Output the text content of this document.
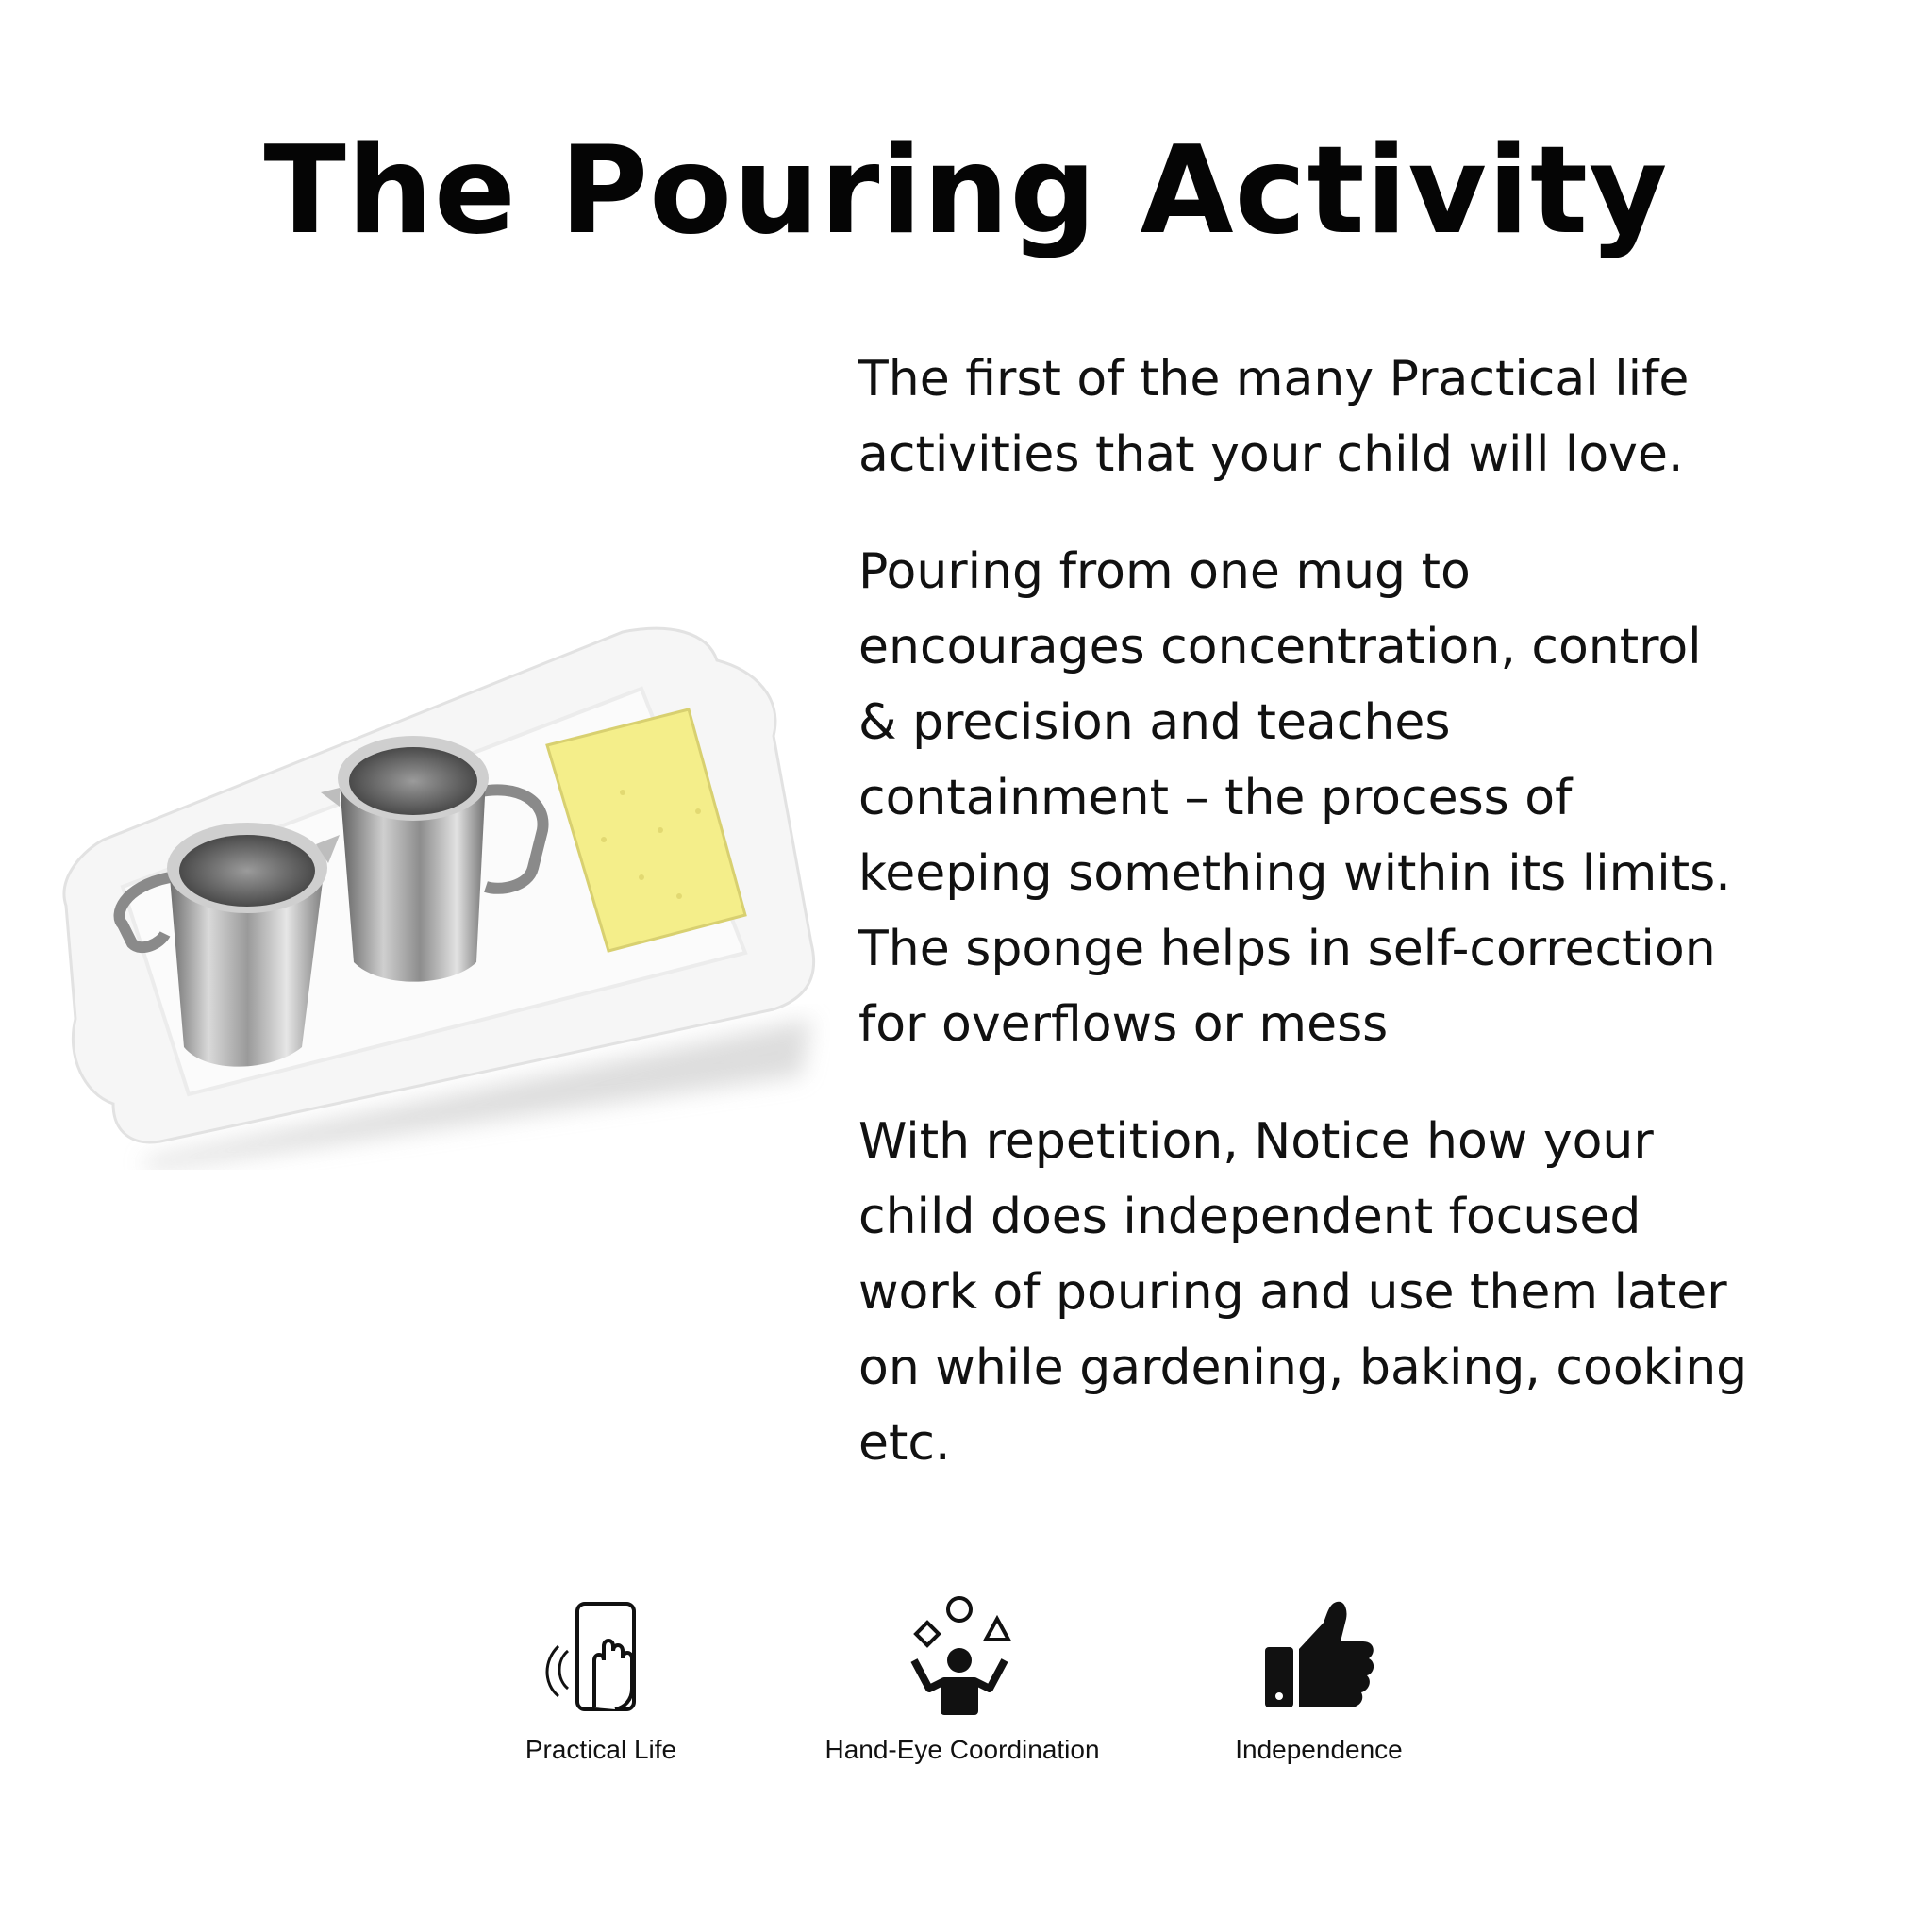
The Pouring Activity

The first of the many Practical life
activities that your child will love.

Pouring from one mug to
encourages concentration, control
& precision and teaches
containment – the process of
keeping something within its limits.
The sponge helps in self-correction
for overflows or mess

With repetition, Notice how your
child does independent focused
work of pouring and use them later
on while gardening, baking, cooking
etc.

Practical Life	Hand-Eye Coordination	Independence
